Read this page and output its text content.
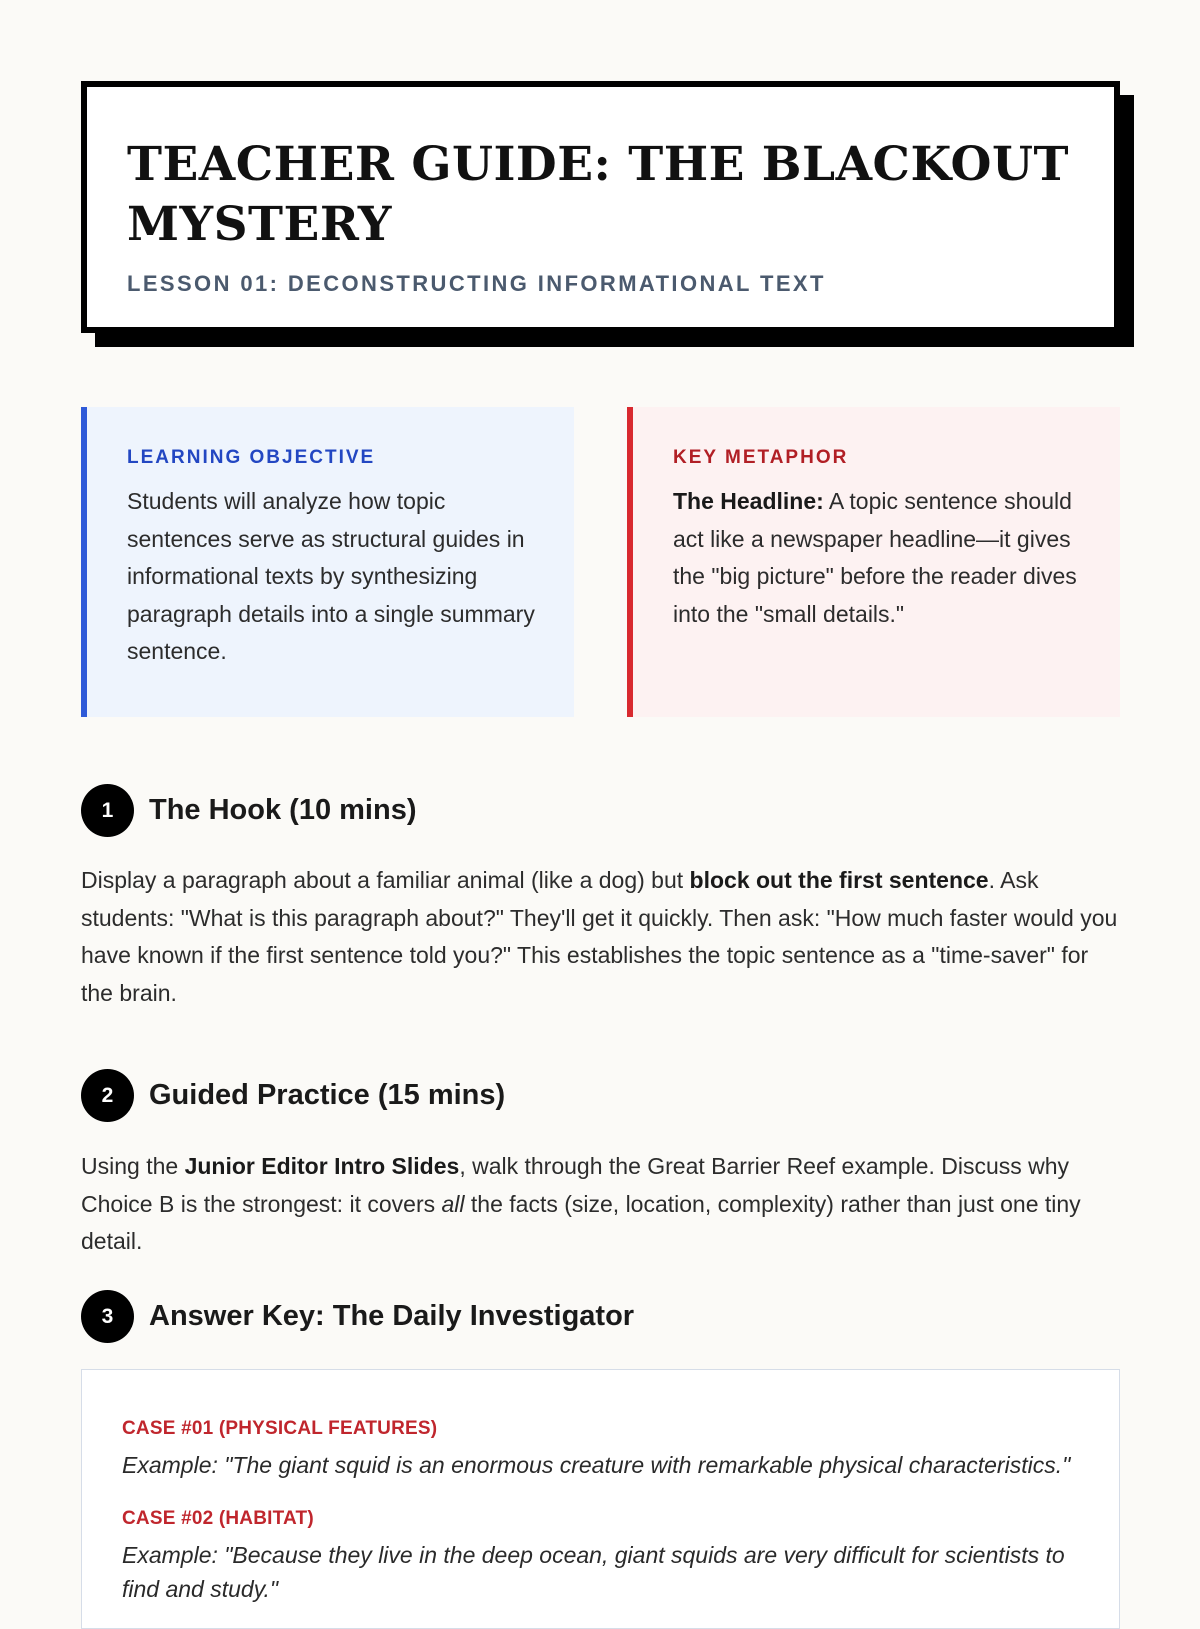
TEACHER GUIDE: THE BLACKOUT
MYSTERY
LESSON 01: DECONSTRUCTING INFORMATIONAL TEXT
LEARNING OBJECTIVE
Students will analyze how topic sentences serve as structural guides in informational texts by synthesizing paragraph details into a single summary sentence.
KEY METAPHOR
The Headline: A topic sentence should act like a newspaper headline—it gives the "big picture" before the reader dives into the "small details."
1	The Hook (10 mins)
Display a paragraph about a familiar animal (like a dog) but block out the first sentence. Ask students: "What is this paragraph about?" They'll get it quickly. Then ask: "How much faster would you have known if the first sentence told you?" This establishes the topic sentence as a "time-saver" for the brain.
2	Guided Practice (15 mins)
Using the Junior Editor Intro Slides, walk through the Great Barrier Reef example. Discuss why Choice B is the strongest: it covers all the facts (size, location, complexity) rather than just one tiny detail.
3	Answer Key: The Daily Investigator
CASE #01 (PHYSICAL FEATURES)
Example: "The giant squid is an enormous creature with remarkable physical characteristics."
CASE #02 (HABITAT)
Example: "Because they live in the deep ocean, giant squids are very difficult for scientists to find and study."
